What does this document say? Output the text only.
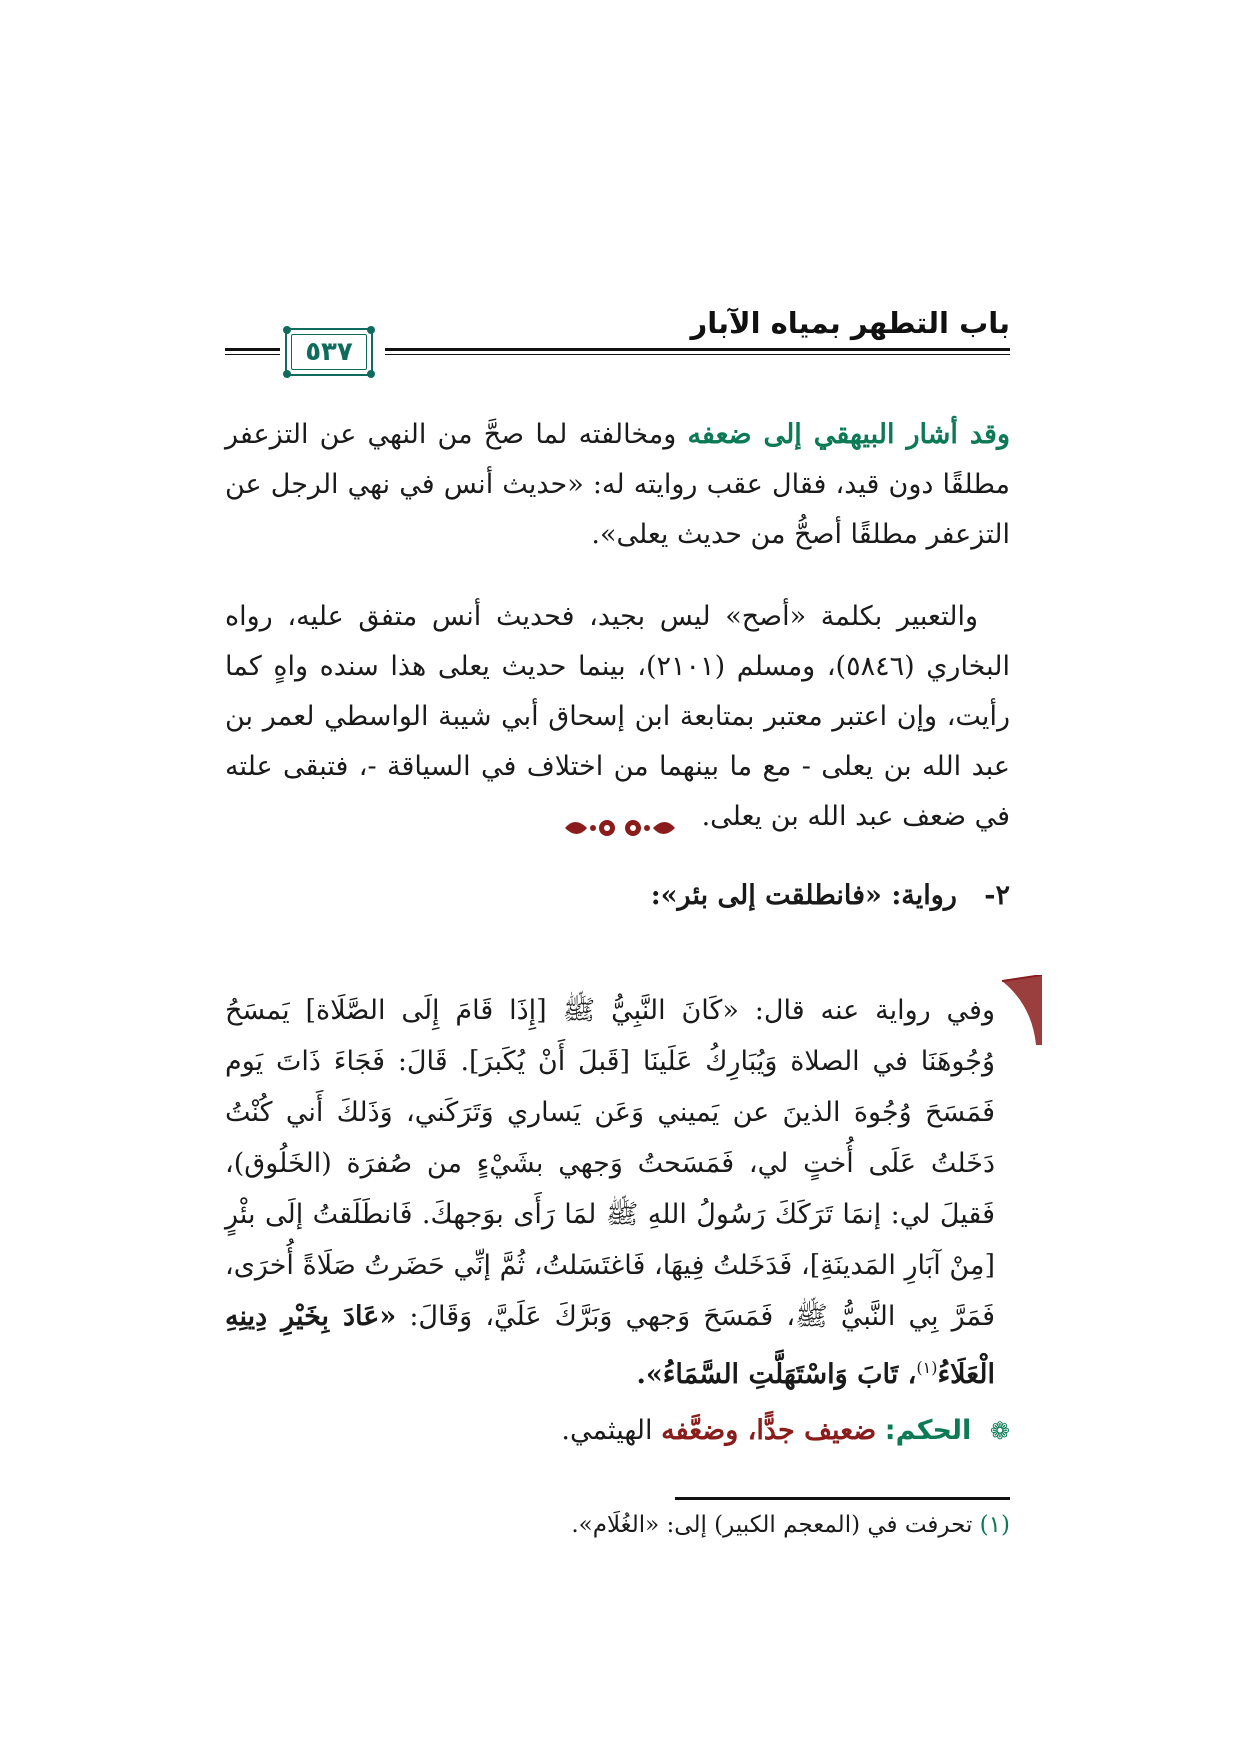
باب التطهر بمياه الآبار
٥٣٧
وقد أشار البيهقي إلى ضعفه ومخالفته لما صحَّ من النهي عن التزعفر مطلقًا دون قيد، فقال عقب روايته له: «حديث أنس في نهي الرجل عن التزعفر مطلقًا أصحُّ من حديث يعلى».
والتعبير بكلمة «أصح» ليس بجيد، فحديث أنس متفق عليه، رواه البخاري (٥٨٤٦)، ومسلم (٢١٠١)، بينما حديث يعلى هذا سنده واهٍ كما رأيت، وإن اعتبر معتبر بمتابعة ابن إسحاق أبي شيبة الواسطي لعمر بن عبد الله بن يعلى - مع ما بينهما من اختلاف في السياقة -، فتبقى علته في ضعف عبد الله بن يعلى.
٢- رواية: «فانطلقت إلى بئر»:
وفي رواية عنه قال: «كَانَ النَّبِيُّ ﷺ [إِذَا قَامَ إِلَى الصَّلَاة] يَمسَحُ وُجُوهَنَا في الصلاة وَيُبَارِكُ عَلَينَا [قَبلَ أَنْ يُكَبرَ]. قَالَ: فَجَاءَ ذَاتَ يَوم فَمَسَحَ وُجُوهَ الذينَ عن يَميني وَعَن يَساري وَتَرَكَني، وَذَلكَ أَني كُنْتُ دَخَلتُ عَلَى أُختٍ لي، فَمَسَحتُ وَجهي بشَيْءٍ من صُفرَة (الخَلُوق)، فَقيلَ لي: إنمَا تَرَكَكَ رَسُولُ اللهِ ﷺ لمَا رَأَى بوَجهكَ. فَانطَلَقتُ إلَى بئْرٍ [مِنْ آبَارِ المَدينَةِ]، فَدَخَلتُ فِيهَا، فَاغتَسَلتُ، ثُمَّ إنِّي حَضَرتُ صَلَاةً أُخرَى، فَمَرَّ بِي النَّبيُّ ﷺ، فَمَسَحَ وَجهي وَبَرَّكَ عَلَيَّ، وَقَالَ: «عَادَ بِخَيْرِ دِينِهِ الْعَلَاءُ$^{(١)}$، تَابَ وَاسْتَهَلَّتِ السَّمَاءُ».
❁ الحكم: ضعيف جدًّا، وضعَّفه الهيثمي.
(١) تحرفت في (المعجم الكبير) إلى: «الغُلَام».
